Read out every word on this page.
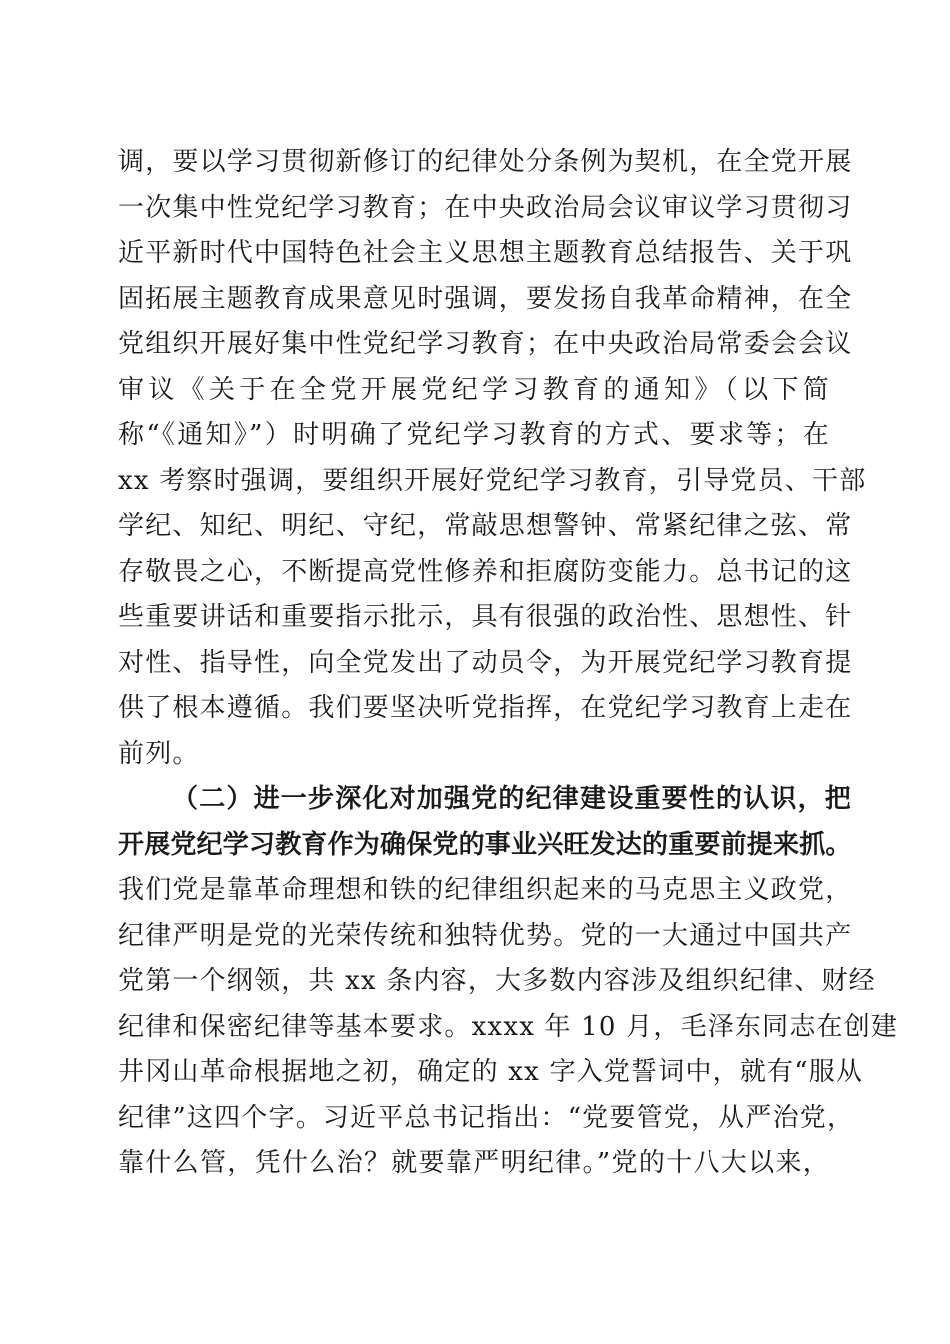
调，要以学习贯彻新修订的纪律处分条例为契机，在全党开展
一次集中性党纪学习教育；在中央政治局会议审议学习贯彻习
近平新时代中国特色社会主义思想主题教育总结报告、关于巩
固拓展主题教育成果意见时强调，要发扬自我革命精神，在全
党组织开展好集中性党纪学习教育；在中央政治局常委会会议
审议《关于在全党开展党纪学习教育的通知》（以下简
称“《通知》”）时明确了党纪学习教育的方式、要求等；在
xx 考察时强调，要组织开展好党纪学习教育，引导党员、干部
学纪、知纪、明纪、守纪，常敲思想警钟、常紧纪律之弦、常
存敬畏之心，不断提高党性修养和拒腐防变能力。总书记的这
些重要讲话和重要指示批示，具有很强的政治性、思想性、针
对性、指导性，向全党发出了动员令，为开展党纪学习教育提
供了根本遵循。我们要坚决听党指挥，在党纪学习教育上走在
前列。
（二）进一步深化对加强党的纪律建设重要性的认识，把
开展党纪学习教育作为确保党的事业兴旺发达的重要前提来抓。
我们党是靠革命理想和铁的纪律组织起来的马克思主义政党，
纪律严明是党的光荣传统和独特优势。党的一大通过中国共产
党第一个纲领，共 xx 条内容，大多数内容涉及组织纪律、财经
纪律和保密纪律等基本要求。xxxx 年 10 月，毛泽东同志在创建
井冈山革命根据地之初，确定的 xx 字入党誓词中，就有“服从
纪律”这四个字。习近平总书记指出：“党要管党，从严治党，
靠什么管，凭什么治？就要靠严明纪律。”党的十八大以来，
